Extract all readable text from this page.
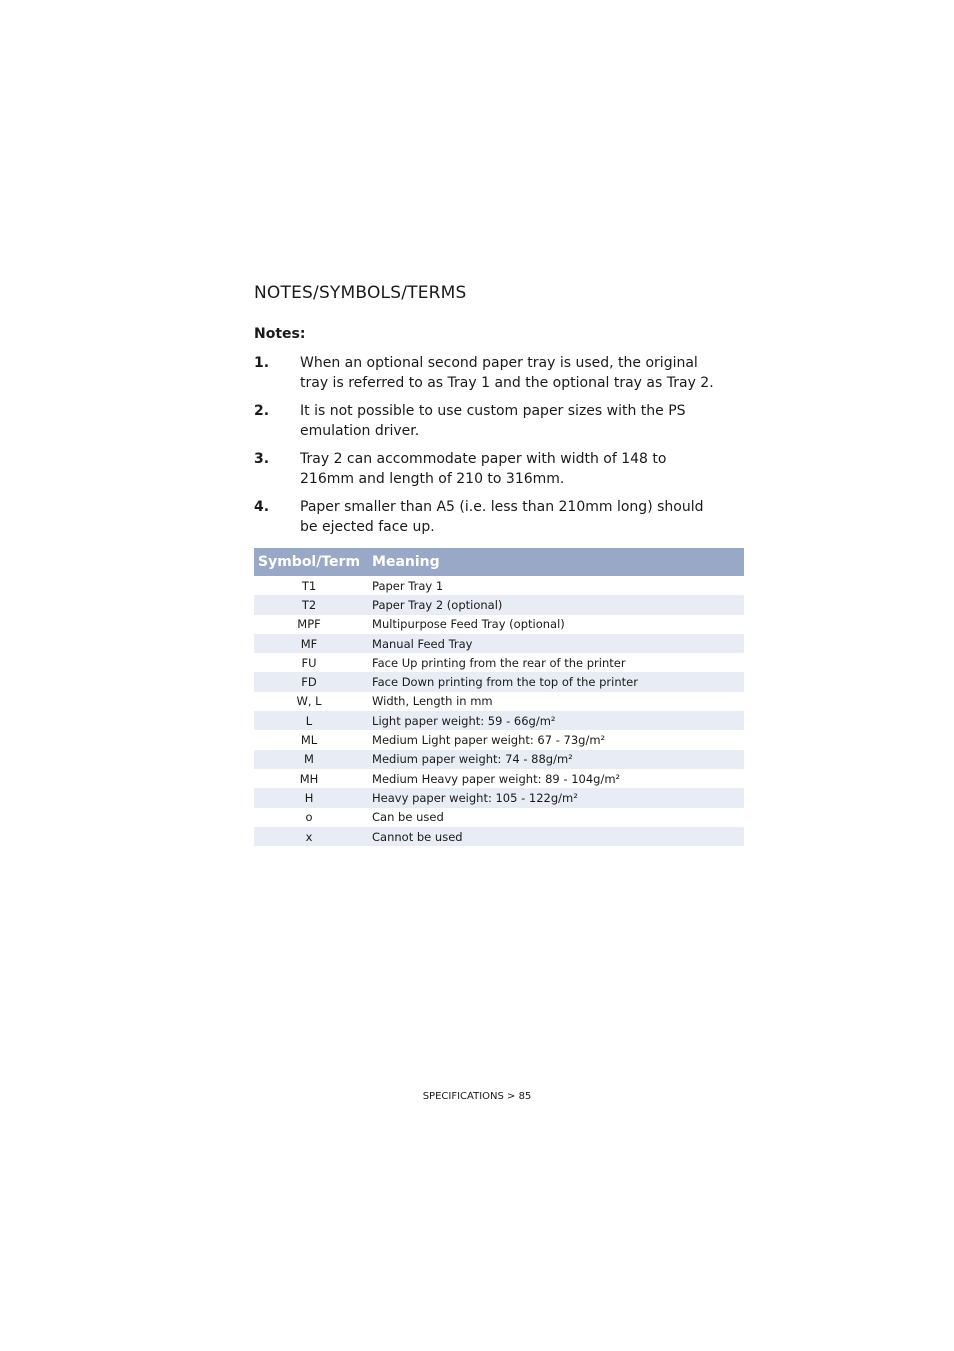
NOTES/SYMBOLS/TERMS
Notes:
1.	When an optional second paper tray is used, the original tray is referred to as Tray 1 and the optional tray as Tray 2.
2.	It is not possible to use custom paper sizes with the PS emulation driver.
3.	Tray 2 can accommodate paper with width of 148 to 216mm and length of 210 to 316mm.
4.	Paper smaller than A5 (i.e. less than 210mm long) should be ejected face up.
Symbol/Term	Meaning
T1	Paper Tray 1
T2	Paper Tray 2 (optional)
MPF	Multipurpose Feed Tray (optional)
MF	Manual Feed Tray
FU	Face Up printing from the rear of the printer
FD	Face Down printing from the top of the printer
W, L	Width, Length in mm
L	Light paper weight: 59 - 66g/m²
ML	Medium Light paper weight: 67 - 73g/m²
M	Medium paper weight: 74 - 88g/m²
MH	Medium Heavy paper weight: 89 - 104g/m²
H	Heavy paper weight: 105 - 122g/m²
o	Can be used
x	Cannot be used
SPECIFICATIONS > 85
